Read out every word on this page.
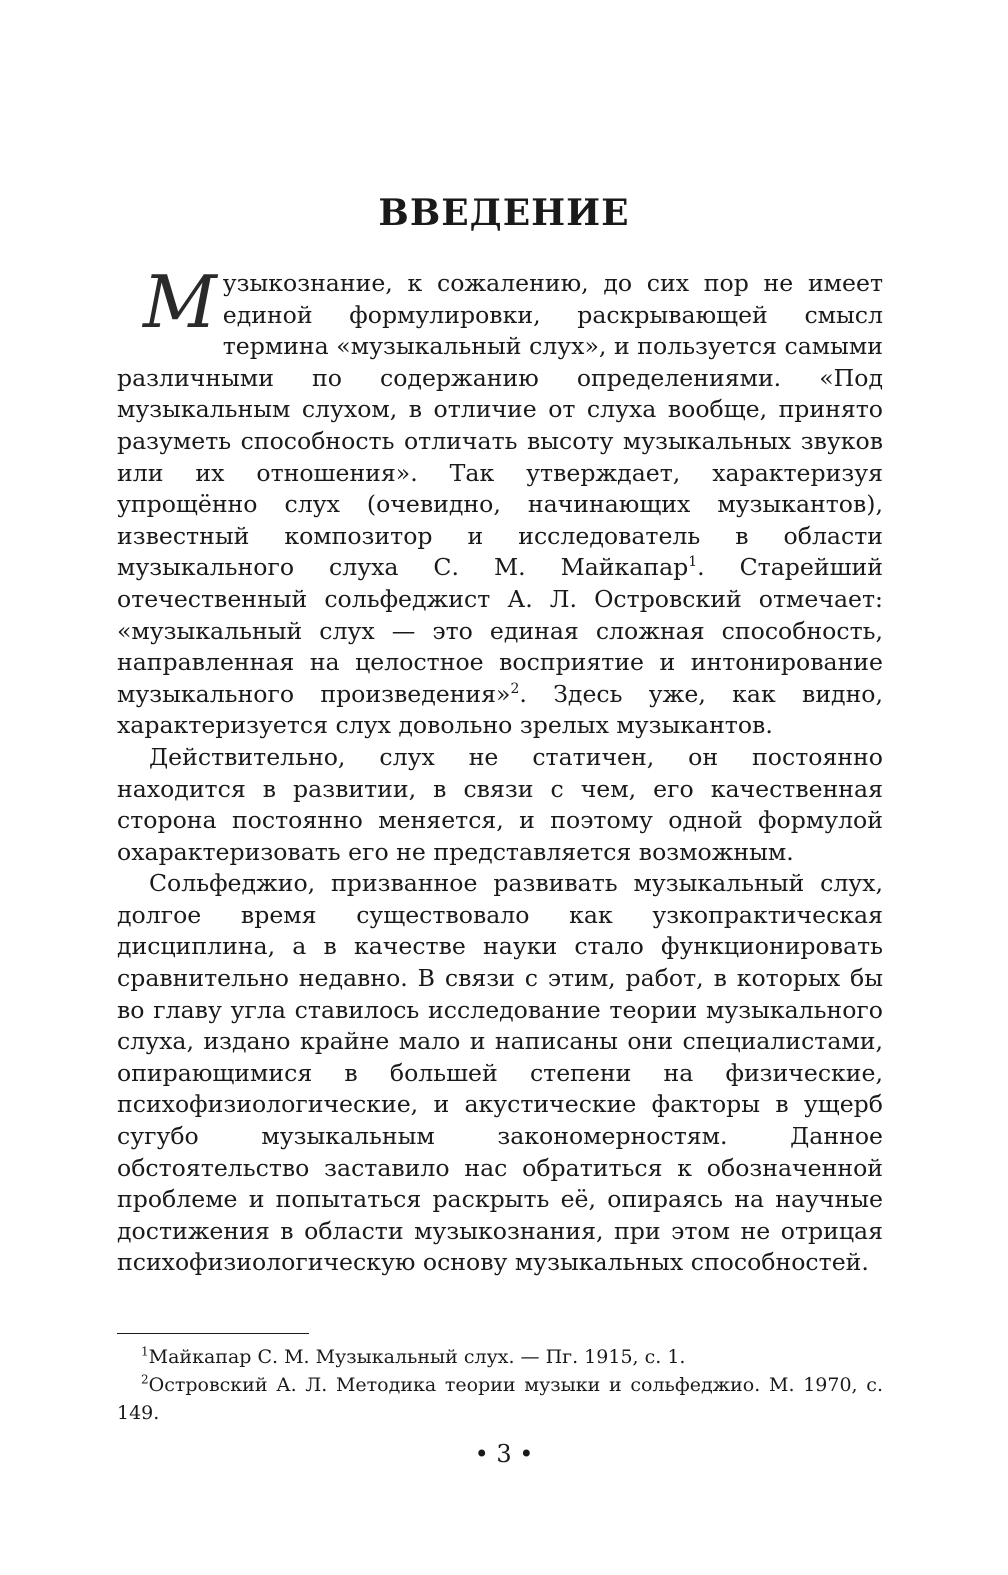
ВВЕДЕНИЕ

Музыкознание, к сожалению, до сих пор не имеет единой формулировки, раскрывающей смысл термина «музыкальный слух», и пользуется самыми различными по содержанию определениями. «Под музыкальным слухом, в отличие от слуха вообще, принято разуметь способность отличать высоту музыкальных звуков или их отношения». Так утверждает, характеризуя упрощённо слух (очевидно, начинающих музыкантов), известный композитор и исследователь в области музыкального слуха С. М. Майкапар$^1$. Старейший отечественный сольфеджист А. Л. Островский отмечает: «музыкальный слух — это единая сложная способность, направленная на целостное восприятие и интонирование музыкального произведения»$^2$. Здесь уже, как видно, характеризуется слух довольно зрелых музыкантов.

Действительно, слух не статичен, он постоянно находится в развитии, в связи с чем, его качественная сторона постоянно меняется, и поэтому одной формулой охарактеризовать его не представляется возможным.

Сольфеджио, призванное развивать музыкальный слух, долгое время существовало как узкопрактическая дисциплина, а в качестве науки стало функционировать сравнительно недавно. В связи с этим, работ, в которых бы во главу угла ставилось исследование теории музыкального слуха, издано крайне мало и написаны они специалистами, опирающимися в большей степени на физические, психофизиологические, и акустические факторы в ущерб сугубо музыкальным закономерностям. Данное обстоятельство заставило нас обратиться к обозначенной проблеме и попытаться раскрыть её, опираясь на научные достижения в области музыкознания, при этом не отрицая психофизиологическую основу музыкальных способностей.

$^1$Майкапар С. М. Музыкальный слух. — Пг. 1915, с. 1.

$^2$Островский А. Л. Методика теории музыки и сольфеджио. М. 1970, с. 149.

• 3 •
